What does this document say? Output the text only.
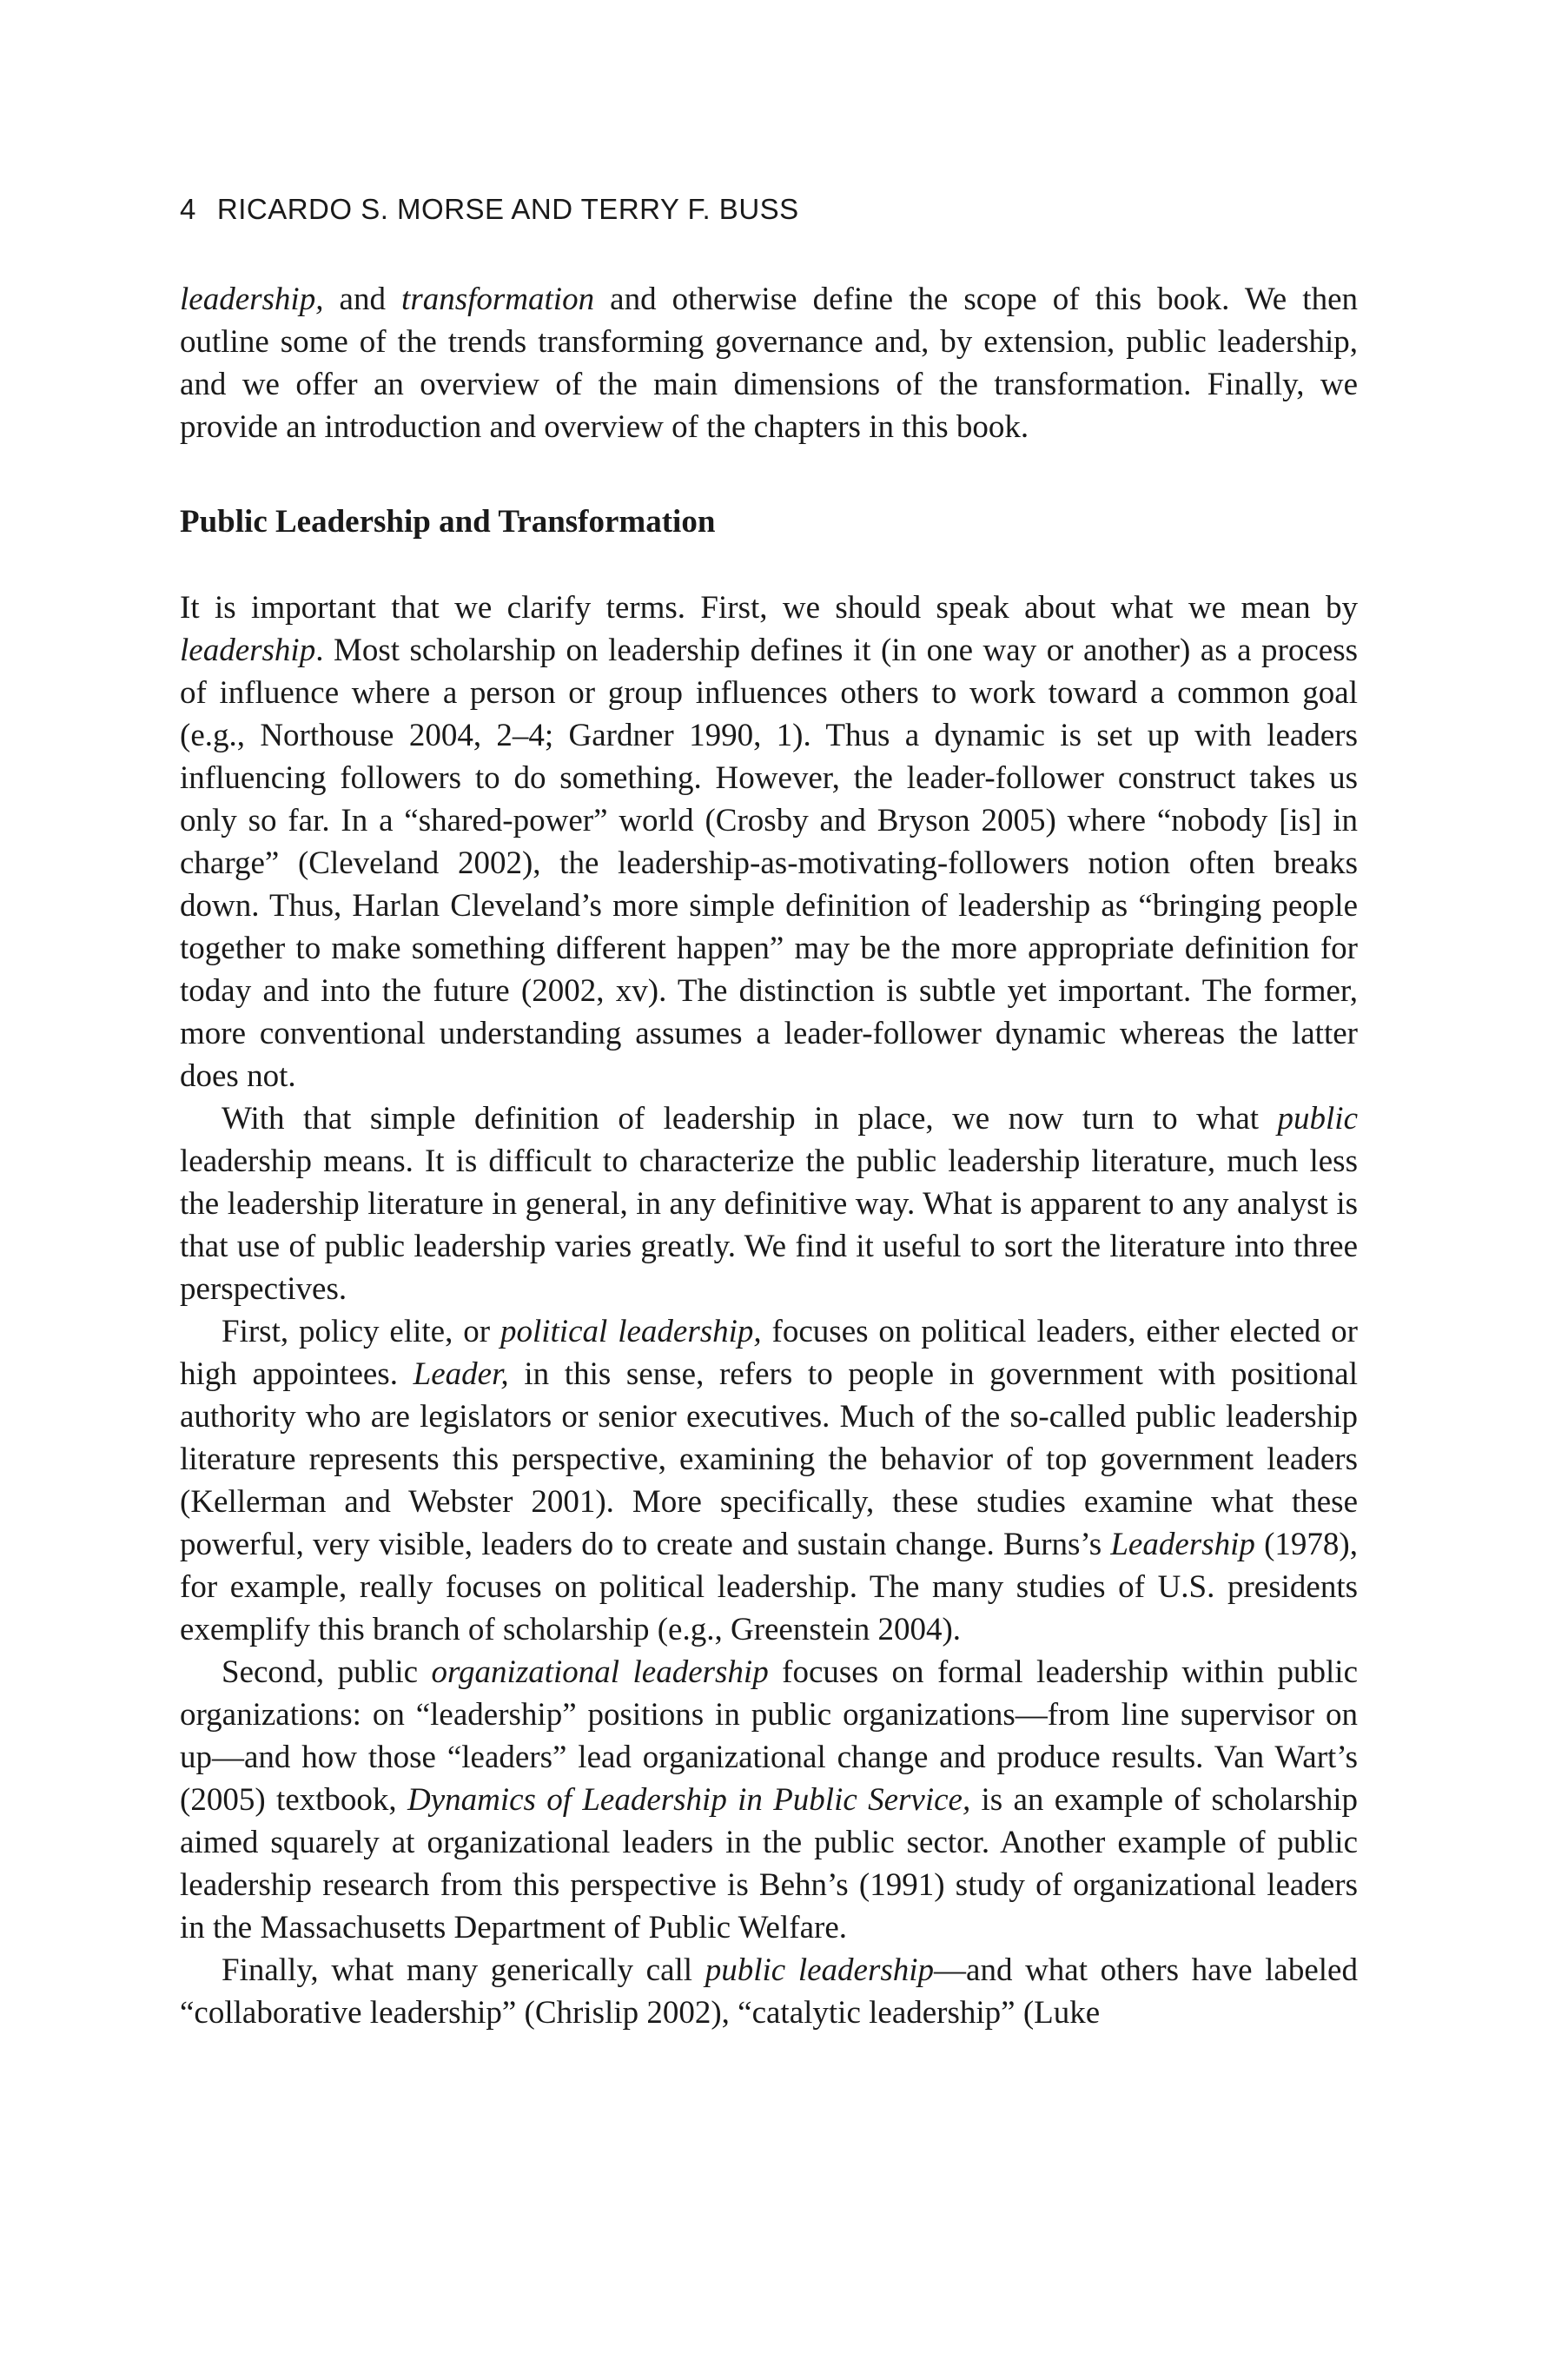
4 RICARDO S. MORSE AND TERRY F. BUSS

leadership, and transformation and otherwise define the scope of this book. We then outline some of the trends transforming governance and, by extension, public leadership, and we offer an overview of the main dimensions of the transformation. Finally, we provide an introduction and overview of the chapters in this book.

Public Leadership and Transformation

It is important that we clarify terms. First, we should speak about what we mean by leadership. Most scholarship on leadership defines it (in one way or another) as a process of influence where a person or group influences others to work toward a common goal (e.g., Northouse 2004, 2–4; Gardner 1990, 1). Thus a dynamic is set up with leaders influencing followers to do something. However, the leader-follower construct takes us only so far. In a “shared-power” world (Crosby and Bryson 2005) where “nobody [is] in charge” (Cleveland 2002), the leadership-as-motivating-followers notion often breaks down. Thus, Harlan Cleveland’s more simple definition of leadership as “bringing people together to make something different happen” may be the more appropriate definition for today and into the future (2002, xv). The distinction is subtle yet important. The former, more conventional understanding assumes a leader-follower dynamic whereas the latter does not.

With that simple definition of leadership in place, we now turn to what public leadership means. It is difficult to characterize the public leadership literature, much less the leadership literature in general, in any definitive way. What is apparent to any analyst is that use of public leadership varies greatly. We find it useful to sort the literature into three perspectives.

First, policy elite, or political leadership, focuses on political leaders, either elected or high appointees. Leader, in this sense, refers to people in government with positional authority who are legislators or senior executives. Much of the so-called public leadership literature represents this perspective, examining the behavior of top government leaders (Kellerman and Webster 2001). More specifically, these studies examine what these powerful, very visible, leaders do to create and sustain change. Burns’s Leadership (1978), for example, really focuses on political leadership. The many studies of U.S. presidents exemplify this branch of scholarship (e.g., Greenstein 2004).

Second, public organizational leadership focuses on formal leadership within public organizations: on “leadership” positions in public organizations—from line supervisor on up—and how those “leaders” lead organizational change and produce results. Van Wart’s (2005) textbook, Dynamics of Leadership in Public Service, is an example of scholarship aimed squarely at organizational leaders in the public sector. Another example of public leadership research from this perspective is Behn’s (1991) study of organizational leaders in the Massachusetts Department of Public Welfare.

Finally, what many generically call public leadership—and what others have labeled “collaborative leadership” (Chrislip 2002), “catalytic leadership” (Luke
